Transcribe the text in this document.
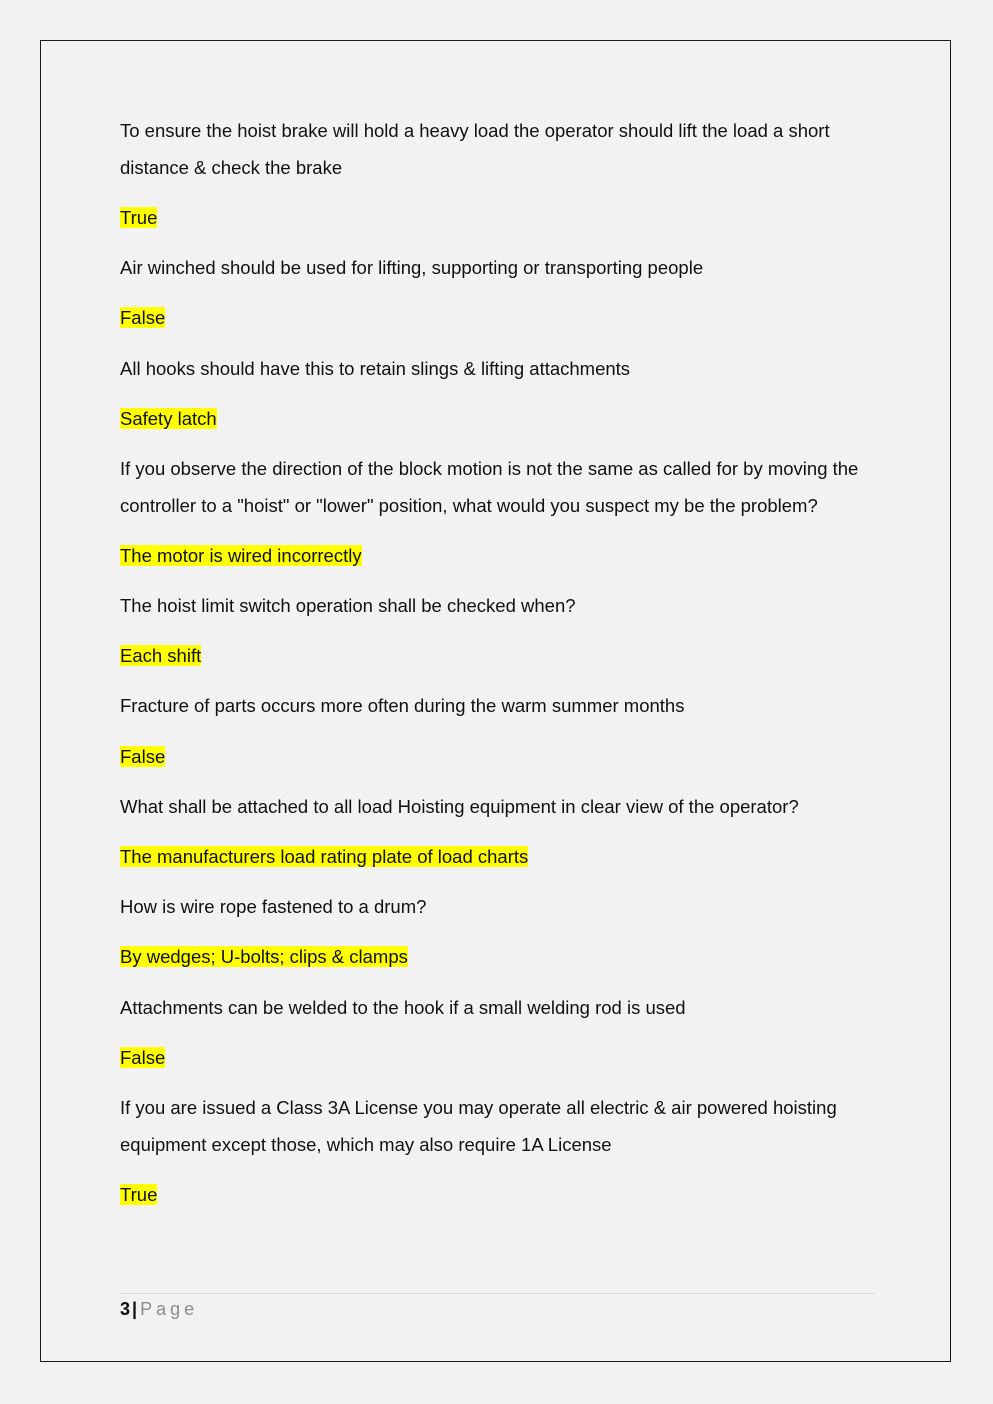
To ensure the hoist brake will hold a heavy load the operator should lift the load a short distance & check the brake

True

Air winched should be used for lifting, supporting or transporting people

False

All hooks should have this to retain slings & lifting attachments

Safety latch

If you observe the direction of the block motion is not the same as called for by moving the controller to a "hoist" or "lower" position, what would you suspect my be the problem?

The motor is wired incorrectly

The hoist limit switch operation shall be checked when?

Each shift

Fracture of parts occurs more often during the warm summer months

False

What shall be attached to all load Hoisting equipment in clear view of the operator?

The manufacturers load rating plate of load charts

How is wire rope fastened to a drum?

By wedges; U-bolts; clips & clamps

Attachments can be welded to the hook if a small welding rod is used

False

If you are issued a Class 3A License you may operate all electric & air powered hoisting equipment except those, which may also require 1A License

True

3 | Page
